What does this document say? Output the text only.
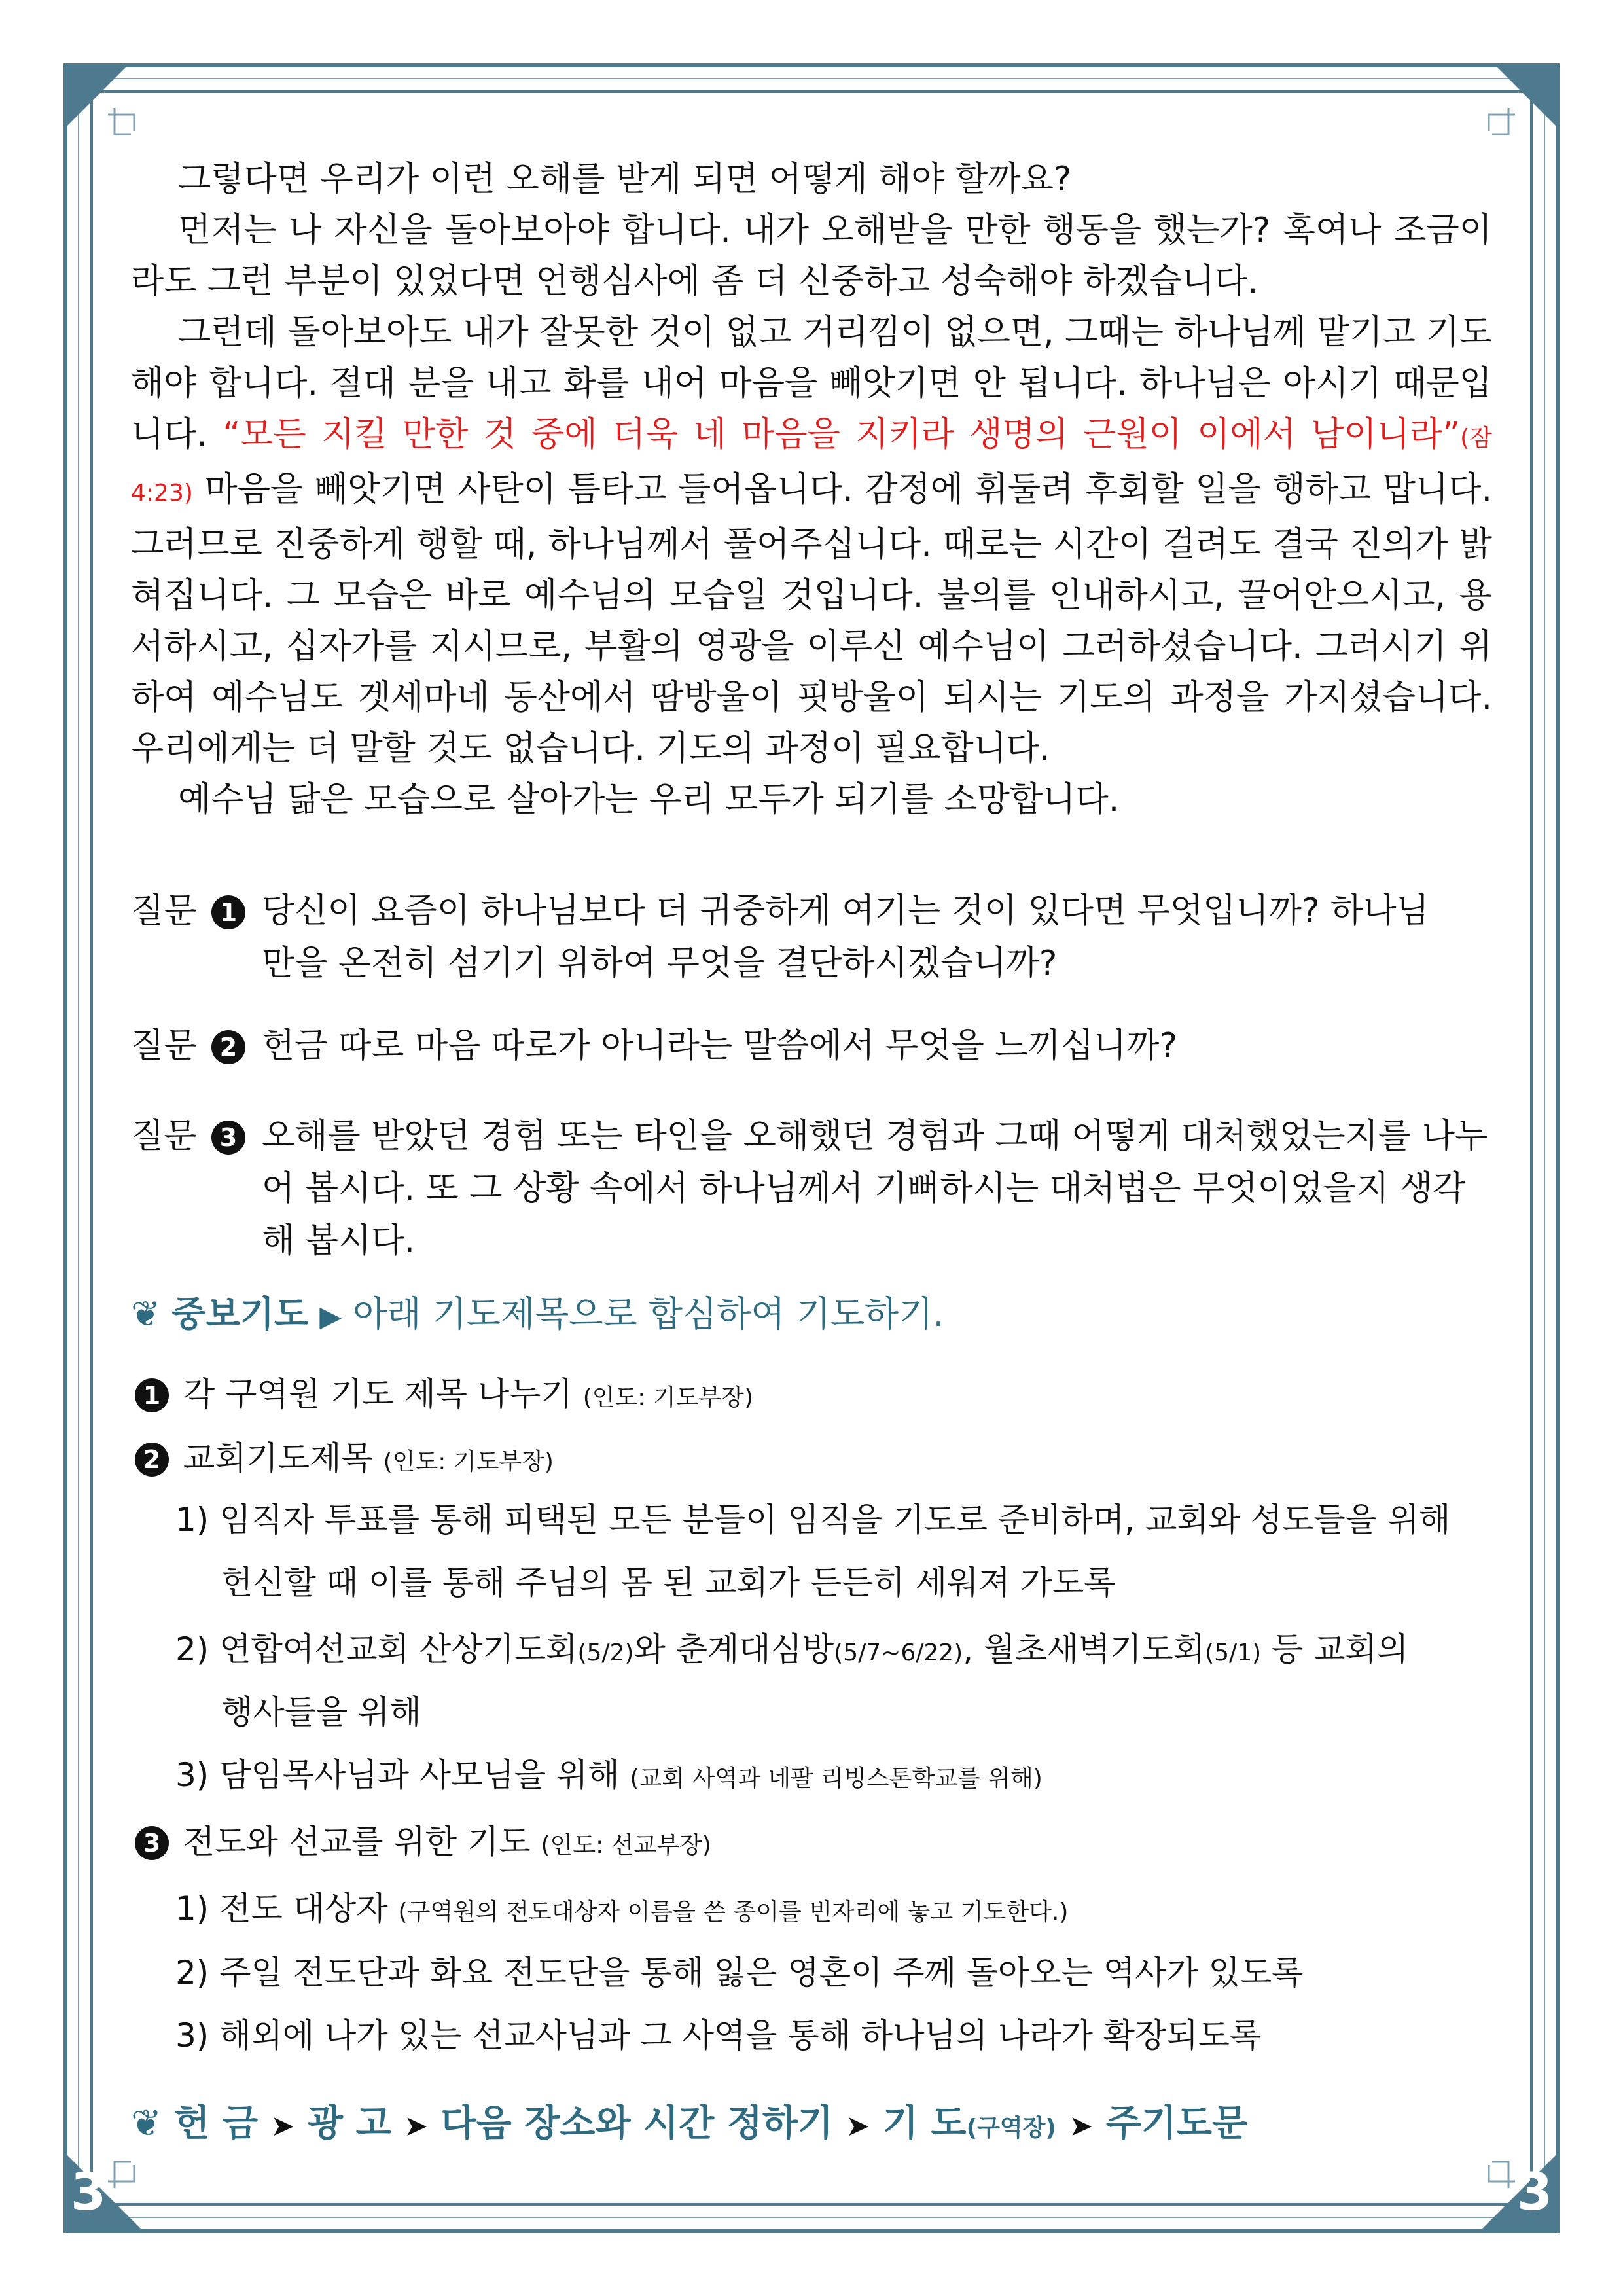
그렇다면 우리가 이런 오해를 받게 되면 어떻게 해야 할까요?

먼저는 나 자신을 돌아보아야 합니다. 내가 오해받을 만한 행동을 했는가? 혹여나 조금이라도 그런 부분이 있었다면 언행심사에 좀 더 신중하고 성숙해야 하겠습니다.

그런데 돌아보아도 내가 잘못한 것이 없고 거리낌이 없으면, 그때는 하나님께 맡기고 기도해야 합니다. 절대 분을 내고 화를 내어 마음을 빼앗기면 안 됩니다. 하나님은 아시기 때문입니다. “모든 지킬 만한 것 중에 더욱 네 마음을 지키라 생명의 근원이 이에서 남이니라”(잠4:23) 마음을 빼앗기면 사탄이 틈타고 들어옵니다. 감정에 휘둘려 후회할 일을 행하고 맙니다. 그러므로 진중하게 행할 때, 하나님께서 풀어주십니다. 때로는 시간이 걸려도 결국 진의가 밝혀집니다. 그 모습은 바로 예수님의 모습일 것입니다. 불의를 인내하시고, 끌어안으시고, 용서하시고, 십자가를 지시므로, 부활의 영광을 이루신 예수님이 그러하셨습니다. 그러시기 위하여 예수님도 겟세마네 동산에서 땀방울이 핏방울이 되시는 기도의 과정을 가지셨습니다. 우리에게는 더 말할 것도 없습니다. 기도의 과정이 필요합니다.

예수님 닮은 모습으로 살아가는 우리 모두가 되기를 소망합니다.

질문 1 당신이 요즘이 하나님보다 더 귀중하게 여기는 것이 있다면 무엇입니까? 하나님만을 온전히 섬기기 위하여 무엇을 결단하시겠습니까?
질문 2 헌금 따로 마음 따로가 아니라는 말씀에서 무엇을 느끼십니까?
질문 3 오해를 받았던 경험 또는 타인을 오해했던 경험과 그때 어떻게 대처했었는지를 나누어 봅시다. 또 그 상황 속에서 하나님께서 기뻐하시는 대처법은 무엇이었을지 생각해 봅시다.
❦ 중보기도 ▶ 아래 기도제목으로 합심하여 기도하기.
1 각 구역원 기도 제목 나누기 (인도: 기도부장)
2 교회기도제목 (인도: 기도부장)
1) 임직자 투표를 통해 피택된 모든 분들이 임직을 기도로 준비하며, 교회와 성도들을 위해
헌신할 때 이를 통해 주님의 몸 된 교회가 든든히 세워져 가도록
2) 연합여선교회 산상기도회(5/2)와 춘계대심방(5/7~6/22), 월초새벽기도회(5/1) 등 교회의
행사들을 위해
3) 담임목사님과 사모님을 위해 (교회 사역과 네팔 리빙스톤학교를 위해)
3 전도와 선교를 위한 기도 (인도: 선교부장)
1) 전도 대상자 (구역원의 전도대상자 이름을 쓴 종이를 빈자리에 놓고 기도한다.)
2) 주일 전도단과 화요 전도단을 통해 잃은 영혼이 주께 돌아오는 역사가 있도록
3) 해외에 나가 있는 선교사님과 그 사역을 통해 하나님의 나라가 확장되도록
❦ 헌 금 ➤ 광 고 ➤ 다음 장소와 시간 정하기 ➤ 기 도(구역장) ➤ 주기도문
3	3
